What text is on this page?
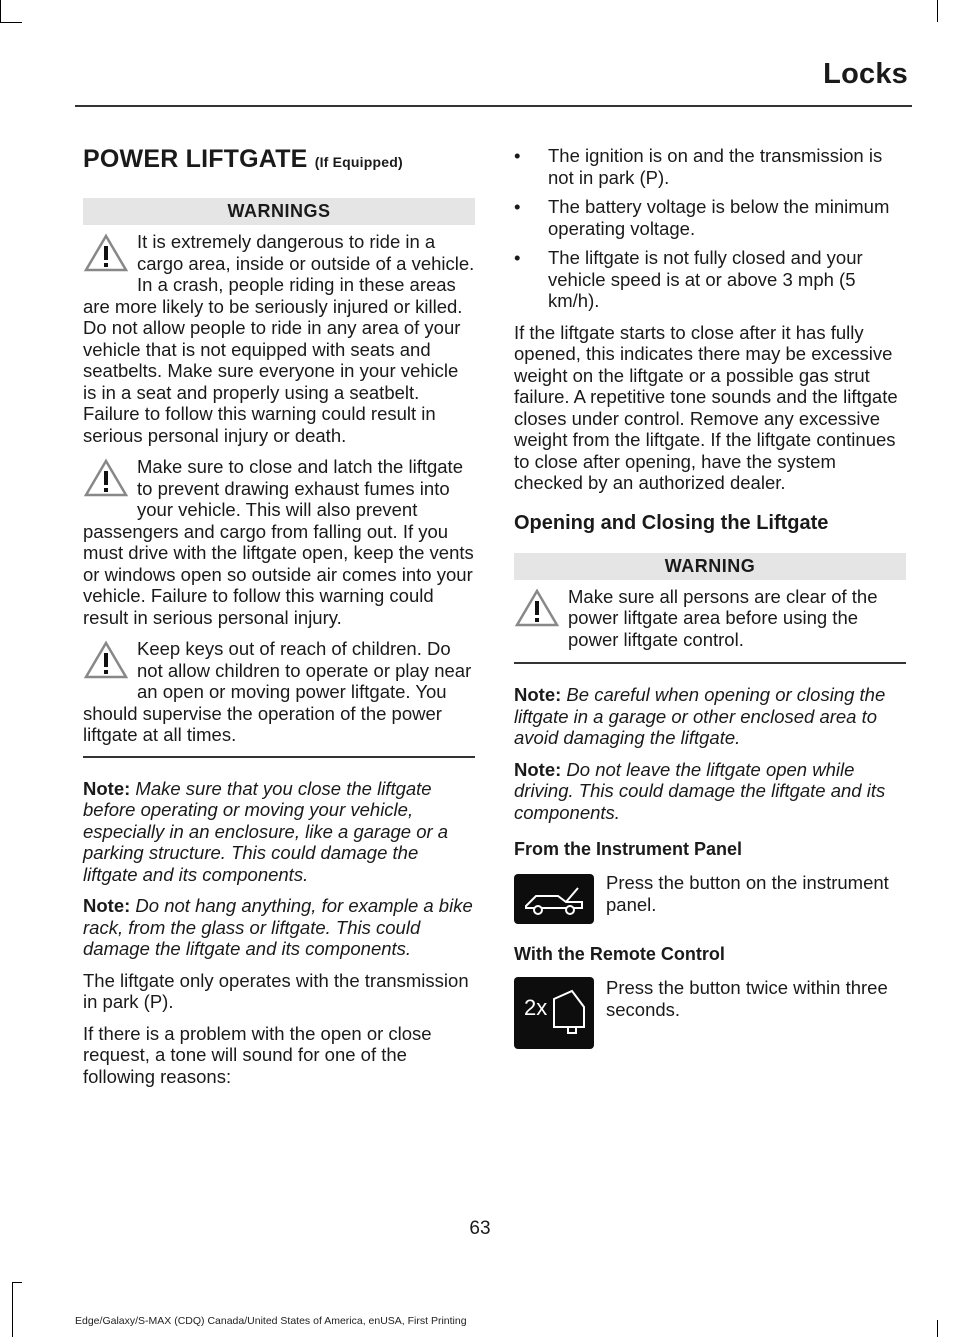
Locks
POWER LIFTGATE (If Equipped)
WARNINGS
It is extremely dangerous to ride in a cargo area, inside or outside of a vehicle. In a crash, people riding in these areas are more likely to be seriously injured or killed. Do not allow people to ride in any area of your vehicle that is not equipped with seats and seatbelts. Make sure everyone in your vehicle is in a seat and properly using a seatbelt. Failure to follow this warning could result in serious personal injury or death.
Make sure to close and latch the liftgate to prevent drawing exhaust fumes into your vehicle. This will also prevent passengers and cargo from falling out. If you must drive with the liftgate open, keep the vents or windows open so outside air comes into your vehicle. Failure to follow this warning could result in serious personal injury.
Keep keys out of reach of children. Do not allow children to operate or play near an open or moving power liftgate. You should supervise the operation of the power liftgate at all times.

Note: Make sure that you close the liftgate before operating or moving your vehicle, especially in an enclosure, like a garage or a parking structure. This could damage the liftgate and its components.

Note: Do not hang anything, for example a bike rack, from the glass or liftgate. This could damage the liftgate and its components.

The liftgate only operates with the transmission in park (P).

If there is a problem with the open or close request, a tone will sound for one of the following reasons:

• The ignition is on and the transmission is not in park (P).
• The battery voltage is below the minimum operating voltage.
• The liftgate is not fully closed and your vehicle speed is at or above 3 mph (5 km/h).

If the liftgate starts to close after it has fully opened, this indicates there may be excessive weight on the liftgate or a possible gas strut failure. A repetitive tone sounds and the liftgate closes under control. Remove any excessive weight from the liftgate. If the liftgate continues to close after opening, have the system checked by an authorized dealer.

Opening and Closing the Liftgate
WARNING
Make sure all persons are clear of the power liftgate area before using the power liftgate control.

Note: Be careful when opening or closing the liftgate in a garage or other enclosed area to avoid damaging the liftgate.

Note: Do not leave the liftgate open while driving. This could damage the liftgate and its components.

From the Instrument Panel

Press the button on the instrument panel.

With the Remote Control
2x

Press the button twice within three seconds.

63
Edge/Galaxy/S-MAX (CDQ) Canada/United States of America, enUSA, First Printing
